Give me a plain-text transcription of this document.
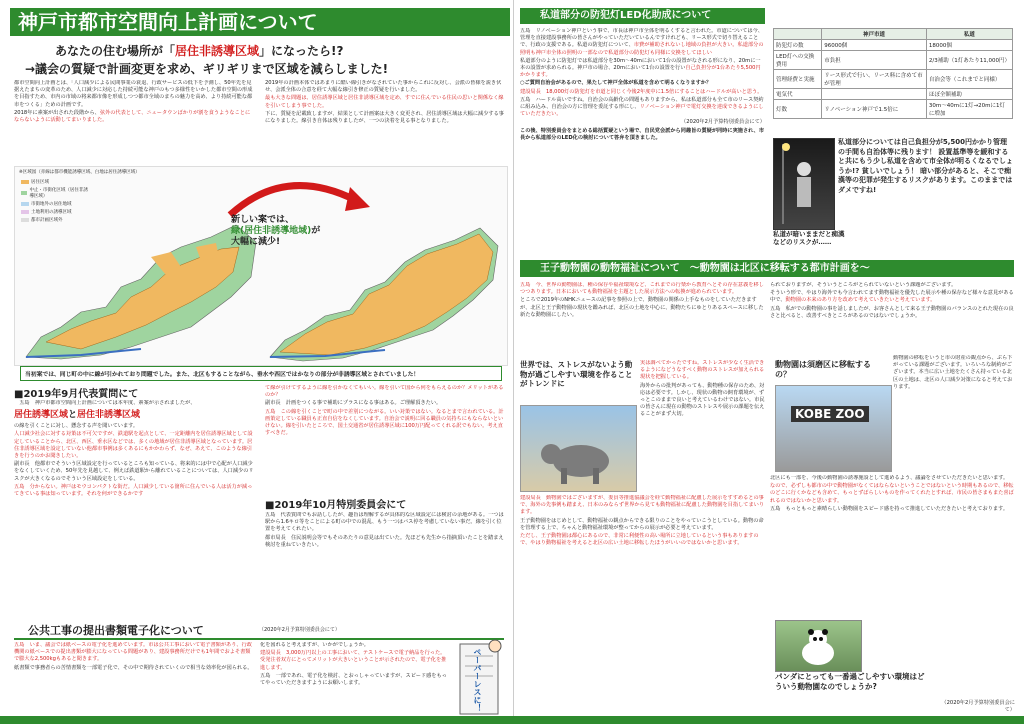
神戸市都市空間向上計画について
あなたの住む場所が「居住非誘導区域」になったら!?
→議会の質疑で計画変更を求め、ギリギリまで区域を減らしました!

都市空間向上計画とは、「人口減少による民間事業の衰退、行政サービスの低下を予測し、50年先を見据えたまちの変革のため、人口減少に対応した持続可能な神戸のもつ多様性をいかした都市空間の形成を目指すため、市内の市域の将来都市像を形成しつつ都市全域のまちの魅力を高め、より持続可能な都市をつくる」ための計画です。

2018年に素案が出された段階から、弦外の代表として、ニュータウンばかりが割を食うようなことにならないように活動してまいりました。

2019年の計画本体ではあまりに酷い線引きがなされていた事からこれに反対し、会派の皆様を説き伏せ、会派全体の合意を経て大幅な線引き修正の質疑を行いました。

最も大きな問題は、居住誘導区域と居住非誘導区域を定め、すでに住んでいる住民の思いと関係なく線を引いてしまう事でした。

下に、質疑を記載致しますが、結果として計画案は大きく変更され、居住誘導区域は大幅に減少する事になりました。線引き自体は残りましたが、一つの決着を見る事となりました。

※区域図（赤線は都市機能誘導区域、白地は居住誘導区域）
居住区域
中止・市街化区域（居住非誘導区域）
市街地外の居住地域
土地利用の誘導区域
都市計画区域外	新しい案では、
緑(居住非誘導地域)が
大幅に減少!
当初案では、同じ町の中に線が引かれており問題でした。また、北区もすることながら、垂水や西区ではかなりの部分が非誘導区域とされていました！
■2019年9月代表質問にて

　五島　神戸市都市空間向上計画については本年度、素案が示されましたが、

居住誘導区域と居住非誘導区域

の線を引くことに対し、懸念する声を聞いています。

人口減少社会に対する対策は不可欠ですが、鉄道駅を起点として、一定距離内を居住誘導区域として設定していることから、北区、西区、垂水区などでは、多くの地域が居住非誘導区域となっています。居住非誘導区域を設定していない他都市事例は多くあるにもかかわらず、なぜ、あえて、このような線引きを行うのかお聞きしたい。

副市長　他都市でそういう区域設定を行っているところも知っている、将来的には中で心配が人口減少をなくしていくため、50年先を見越して、例えば鉄道駅から離れていることについては、人口減少のリスクが大きくなるのでそういう区域設定をしている。

五島　分からない。神戸はモウコンパクトな街だ。人口減少している箇所に住んでいる人は活力が減ってきている事は知っています。それを何ができるかです

て線が引けてするように線を引かなくてもいい。線を引いて国から何をもらえるのか？メリットがあるのか？

副市長　計画をつくる事で補助にプラスになる事はある。ご理解頂きたい。

五島　この線を引くことで町の中で差別につながる。いい対策ではない。なるとまで言われている。計画策定している職員も正直自信をなくしています。自治会で説明に回る職員の気持ちにもならないといけない。線を引いたところで、国土交通省が居住誘導区域に100万円配ってくれる訳でもない。考え直すべきだ。

■2019年10月特別委員会にて

五島　代表質問でもお話ししたが、趣旨は理解するが具体的な区域設定には検討の余地がある。一つは駅から1.6キロ等をことによる町の中での混乱、もう一つはバス停を考慮していない事だ。線を引く位置を考えてくれたい。

都市局長　住民説明会等でもそのあたりの意見は出ていた。先ほども先生から指摘頂いたことを踏まえ検討を重ねていきたい。

公共工事の提出書類電子化について	（2020年2月予算特別委員会にて）

五島　いま、議会では紙ベースの電子化を進めています。市は公共工事において電子書類があり、行政機関の紙ベースでの提出書類が膨大になっている問題があり、建設事務所だけでも1年間でおよそ書類で膨大な2,500kgもあると聞きます。

紙書類で事務者らの苦情書類を一部電子化で、その中で期待されていくので相当な効率化が図られる。

化を図れると考えますが、いかがでしょうか。

建設局長　3,000万円以上の工事において、テストケースで電子納品を行った。受発注者双方にとってメリットが大きいということが示されたので、電子化を推進します。

五島　一部であれ、電子化を検討、とおっしゃっていますが、スピード感をもってやっていただきますようにお願いします。	ペーパーレスに！
私道部分の防犯灯LED化助成について

五島　リノベーション神戸という事で、市長は神戸市全体を明るくすると言われた。市道については今、管理を直接建設事務所の皆さんがやっていただいているんですけれども、リース形式で切り替えることで、行政の支援である。私道の防犯灯について、市費が補助されないし地域の負担が大きい。私道部分の照明も神戸市全体の照明の一部なので私道部分の防犯灯も同様に交換をしてほしい

私道部分のように防犯灯では私道部分を30m～40mにおいて1台の設置がなされる形になり、20mに一本の設置が求められる。神戸市の場合、20mにおいて1台の設置を行い自己負担分が1台あたり5,500円かかります。

○ご質問自治会があるので、果たして神戸全体が私道を含めて明るくなりますか？

建設局長　18,000灯の防犯灯を市道と同じく今後2年度中に1.5倍にすることはハードルが高いと思う。

五島　ハードル高いですね。自治会の高齢化の問題もありますから、私は私道部分も全て市のリース契約に組み込み、自治会の方に管理を委託する形にし、リノベーション神戸で電灯交換を達成できるようにしていただきたい。

（2020年2月予算特別委員会にて）

この後、特別委員会をまとめる総括質疑という場で、自民党会派から同趣旨の質疑が同時に実施され、市長から私道部分のLED化の検討について答弁を頂きました。

	神戸市道	私道
防犯灯の数	96000個	18000個
LED灯への交換費用	市負担	2/3補助（1灯あたり11,000円）
管理経費と実施	リース形式で行い、リース料に含めて市が管理	自治会等（これまでと同様）
電気代		ほぼ全額補助
灯数	リノベーション神戸で1.5倍に	30m～40mに1灯→20mに1灯に増加
私道部分については自己負担分が5,500円かかり管理の手間も自治体等に残ります！ 設置基準等を緩和すると共にもう少し私道を含めて市全体が明るくなるでしょうか!? 貧しいでしょう！ 暗い部分があると、そこで痴漢等の犯罪が発生するリスクがあります。このままではダメですね!
私道が暗いままだと痴漢などのリスクが……
王子動物園の動物福祉について　〜動物園は北区に移転する都市計画を〜

五島　今、世界の動物園は、種の保存や福祉環境など、これまでの行楽から教育へとその存在意義を移しつつあります。日本においても動物福祉を主題とした展示方法への転換が進められています。

ところで2019年のNHKニュースの記事を参照の上で、動物園の関係の上手なものをしていただきますが、北区と王子動物園の現状を鑑みれば、北区の土地を中心に、動物たちにゆとりあるスペースに移した新たな動物園にしたい。

世界では、ストレスがないよう動物が過ごしやすい環境を作ることがトレンドに

実は調べてかったですね。ストレスが少なく生活できるようになどうなすべく動物のストレスが加えられる現状を把握している。

海外からの批判があっても、動物種の保存のため、対応は必要です。しかし、現状の動物の飼育環境が、ずっとこのままで良いと考えているわけではない。市民の皆さんに現在の動物のストレスや展示の課題を伝えることがまず大切。

建設局長　動物園ではございますが、委員等推進協議会を経て動物福祉に配慮した展示をすすめるとの事で、海外の先事例も踏まえ、日本のみならず世界から見ても動物福祉に配慮した動物園を目指してまいります。

王子動物園をはじめとして、動物福祉の観点からできる限りのことをやっていこうとしている。動物の命を管理する上で、ちゃんと動物福祉環境が整ってからの展示が必要と考えています。

ただし、王子動物園は都心にあるので、非常に利便性の高い場所に立地しているという事もありますので、やはり動物福祉を考えると北区の広い土地に移転したほうがいいのではないかと思います。

られておりますが、そういうところがとられていないという課題がございます。

そういう形で、やはり海外でも今言われてます動物福祉を優先した展示や種の保存など様々な意見がある中で、動物園の本来のあり方を改めて考えていきたいと考えています。

五島　私がでの動物園の事を話しましたが、お客さんとして来る王子動物園のバランスのとれた現在の良さと比べると、改善すべきところがあるのではないでしょうか。

動物園は須磨区に移転するの？
KOBE ZOO

動物園の移転をいうと市の財産の観点から、ぶら下がっている課題がございます。いろいろな制約がございます。本当に広い土地をたくさん持っている北区の土地は、北区の人口減少対策になると考えております。

北区にも一部を、今後の動物園の誘導施設として進めるよう、議論をさせていただきたいと思います。

なので、必ずしも都市の中で動物園がなくてはならないということではないという時期もあるので、移転のどこに行くかなども含めて、もっとずばらしいものを作ってくれたとすれば、市民の皆さまもまた喜ばれるのではないかと思います。

五島　もっともっと素晴らしい動物園をスピード感を持って推進していただきたいと考えております。

パンダにとっても一番過ごしやすい環境はどういう動物園なのでしょうか?
（2020年2月予算特別委員会にて）
